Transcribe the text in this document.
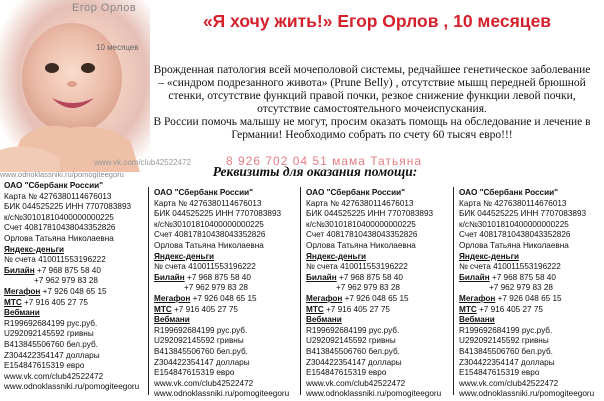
Егор Орлов
10 месяцев
«Я хочу жить!» Егор Орлов , 10 месяцев

Врожденная патология всей мочеполовой системы, редчайшее генетическое заболевание – «синдром подрезанного живота» (Prune Belly) , отсутствие мышц передней брюшной стенки, отсутствие функций правой почки, резкое снижение функции левой почки, отсутствие самостоятельного мочеиспускания.

В России помочь малышу не могут, просим оказать помощь на обследование и лечение в Германии! Необходимо собрать по счету 60 тысяч евро!!!

www.vk.com/club42522472	8 926 702 04 51 мама Татьяна
www.odnoklassniki.ru/pomogiteegoru	Реквизиты для оказания помощи:
ОАО "Сбербанк России"
Карта № 4276380114676013
БИК 044525225 ИНН 7707083893
к/с№30101810400000000225
Счет 40817810438043352826
Орлова Татьяна Николаевна
Яндекс-деньги
№ счета 410011553196222
Билайн +7 968 875 58 40
+7 962 979 83 28
Мегафон +7 926 048 65 15
МТС +7 916 405 27 75
Вебмани
R199692684199 рус.руб.
U292092145592 гривны
B413845506760 бел.руб.
Z304422354147 доллары
E154847615319 евро
www.vk.com/club42522472
www.odnoklassniki.ru/pomogiteegoru
ОАО "Сбербанк России"
Карта № 4276380114676013
БИК 044525225 ИНН 7707083893
к/с№30101810400000000225
Счет 40817810438043352826
Орлова Татьяна Николаевна
Яндекс-деньги
№ счета 410011553196222
Билайн +7 968 875 58 40
+7 962 979 83 28
Мегафон +7 926 048 65 15
МТС +7 916 405 27 75
Вебмани
R199692684199 рус.руб.
U292092145592 гривны
B413845506760 бел.руб.
Z304422354147 доллары
E154847615319 евро
www.vk.com/club42522472
www.odnoklassniki.ru/pomogiteegoru
ОАО "Сбербанк России"
Карта № 4276380114676013
БИК 044525225 ИНН 7707083893
к/с№30101810400000000225
Счет 40817810438043352826
Орлова Татьяна Николаевна
Яндекс-деньги
№ счета 410011553196222
Билайн +7 968 875 58 40
+7 962 979 83 28
Мегафон +7 926 048 65 15
МТС +7 916 405 27 75
Вебмани
R199692684199 рус.руб.
U292092145592 гривны
B413845506760 бел.руб.
Z304422354147 доллары
E154847615319 евро
www.vk.com/club42522472
www.odnoklassniki.ru/pomogiteegoru
ОАО "Сбербанк России"
Карта № 4276380114676013
БИК 044525225 ИНН 7707083893
к/с№30101810400000000225
Счет 40817810438043352826
Орлова Татьяна Николаевна
Яндекс-деньги
№ счета 410011553196222
Билайн +7 968 875 58 40
+7 962 979 83 28
Мегафон +7 926 048 65 15
МТС +7 916 405 27 75
Вебмани
R199692684199 рус.руб.
U292092145592 гривны
B413845506760 бел.руб.
Z304422354147 доллары
E154847615319 евро
www.vk.com/club42522472
www.odnoklassniki.ru/pomogiteegoru
